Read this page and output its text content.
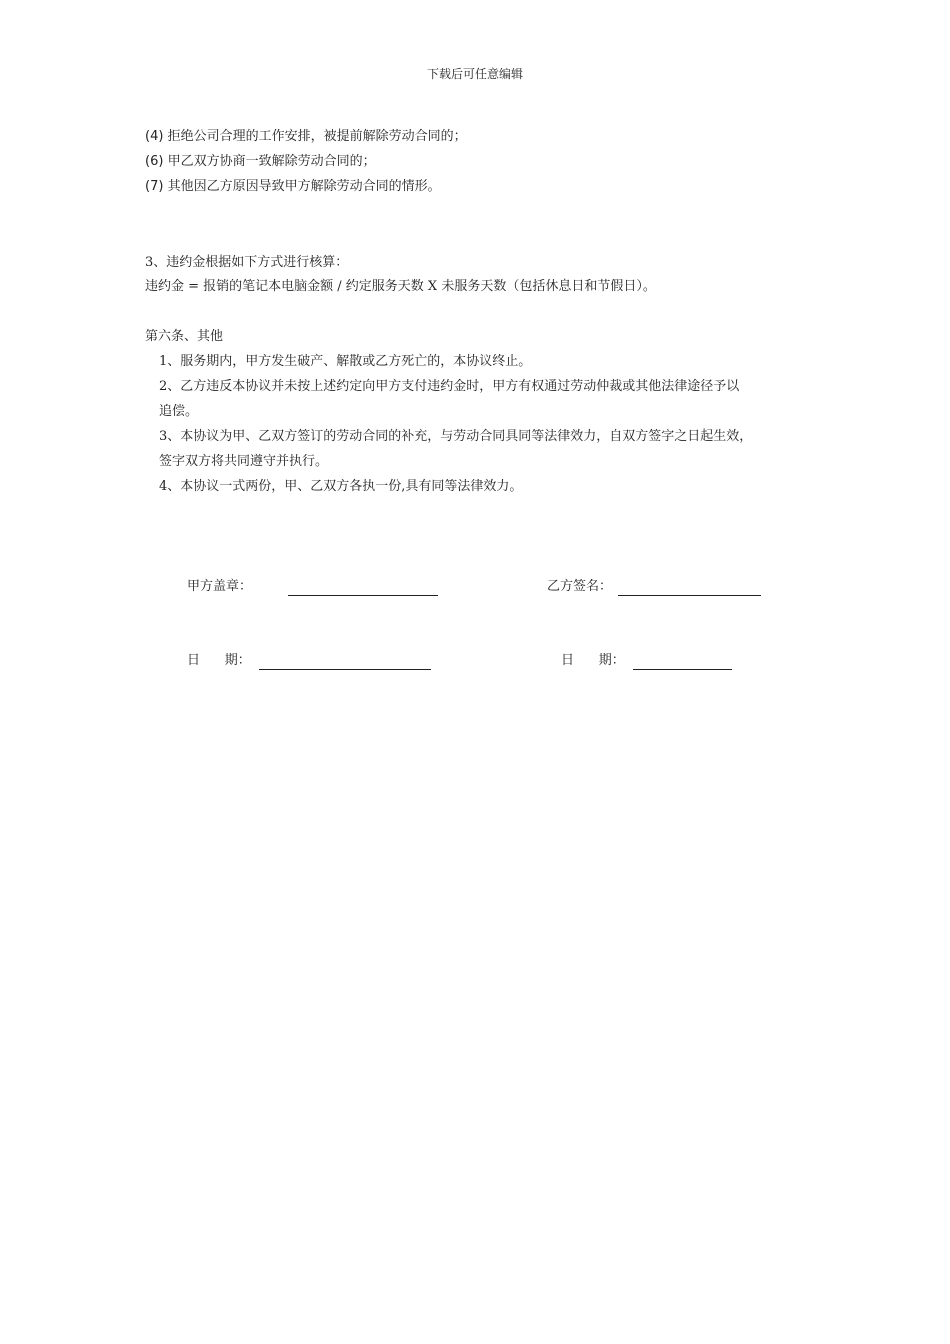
下载后可任意编辑
(4) 拒绝公司合理的工作安排，被提前解除劳动合同的；
(6) 甲乙双方协商一致解除劳动合同的；
(7) 其他因乙方原因导致甲方解除劳动合同的情形。
3、违约金根据如下方式进行核算：
违约金 = 报销的笔记本电脑金额 / 约定服务天数 X 未服务天数（包括休息日和节假日）。
第六条、其他
1、服务期内，甲方发生破产、解散或乙方死亡的，本协议终止。
2、乙方违反本协议并未按上述约定向甲方支付违约金时，甲方有权通过劳动仲裁或其他法律途径予以
追偿。
3、本协议为甲、乙双方签订的劳动合同的补充，与劳动合同具同等法律效力，自双方签字之日起生效，
签字双方将共同遵守并执行。
4、本协议一式两份，甲、乙双方各执一份,具有同等法律效力。
甲方盖章：	乙方签名：
日      期：	日      期：
